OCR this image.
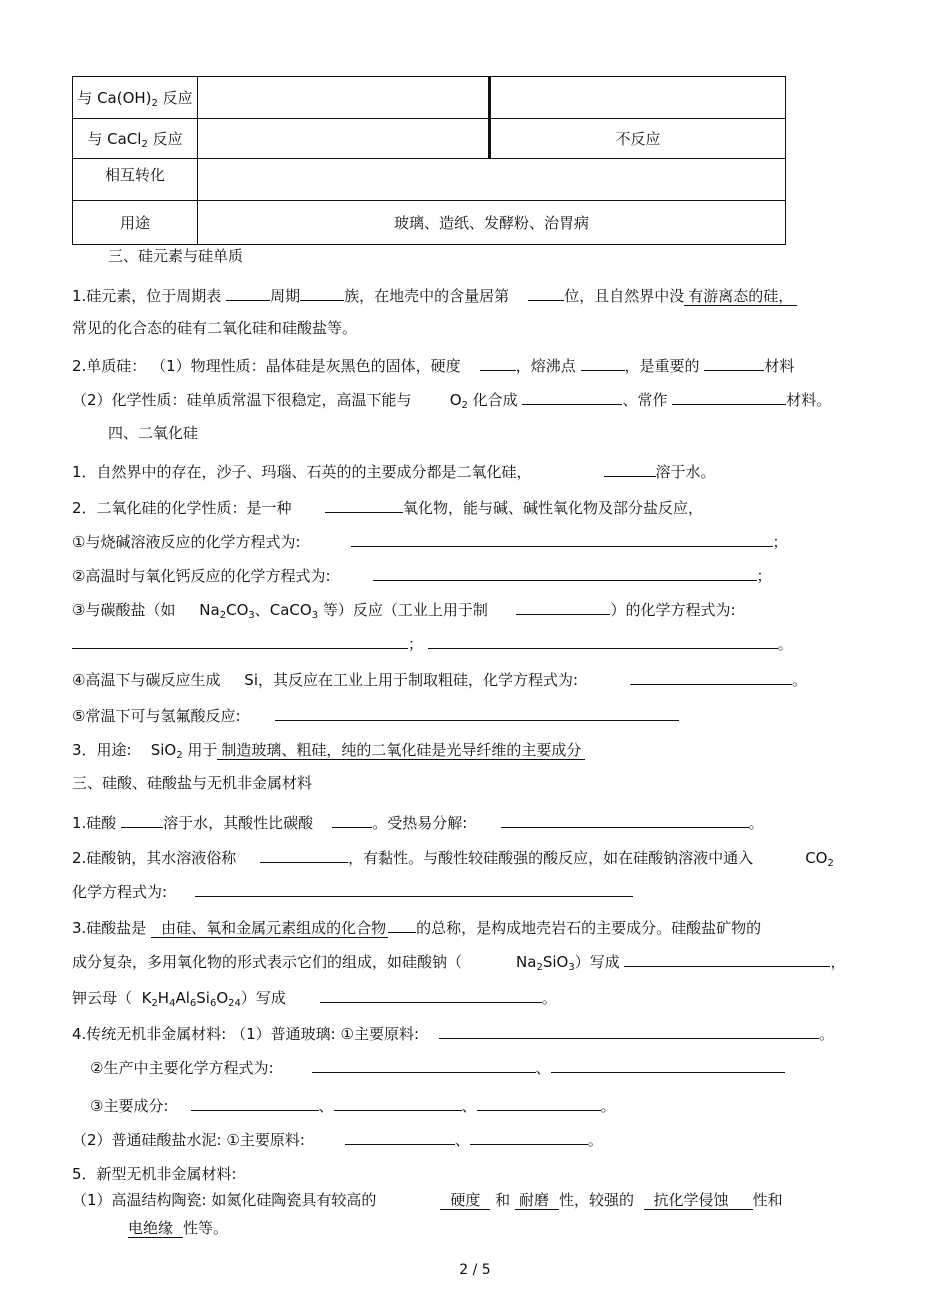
与 $Ca(OH)_2$ 反应		
与 CaCl$_2$ 反应		不反应
相互转化		
用途	玻璃、造纸、发酵粉、治胃病	
三、硅元素与硅单质
1.硅元素，位于周期表	周期	族，在地壳中的含量居第	位，且自然界中没 有游离态的硅，
常见的化合态的硅有二氧化硅和硅酸盐等。
2.单质硅： （1）物理性质：晶体硅是灰黑色的固体，硬度	，熔沸点	，是重要的	材料
（2）化学性质：硅单质常温下很稳定，高温下能与	$O_2$ 化合成	、常作	材料。
四、二氧化硅
1．自然界中的存在，沙子、玛瑙、石英的的主要成分都是二氧化硅，	溶于水。
2．二氧化硅的化学性质：是一种	氧化物，能与碱、碱性氧化物及部分盐反应，
①与烧碱溶液反应的化学方程式为:	；
②高温时与氧化钙反应的化学方程式为:	；
③与碳酸盐（如 $Na_2CO_3$、CaCO$_3$ 等）反应（工业上用于制	）的化学方程式为:
；	。
④高温下与碳反应生成 Si，其反应在工业上用于制取粗硅，化学方程式为:	。
⑤常温下可与氢氟酸反应:
3．用途: SiO$_2$ 用于 制造玻璃、粗硅，纯的二氧化硅是光导纤维的主要成分
三、硅酸、硅酸盐与无机非金属材料
1.硅酸	溶于水，其酸性比碳酸	。受热易分解:	。
2.硅酸钠，其水溶液俗称	，有黏性。与酸性较硅酸强的酸反应，如在硅酸钠溶液中通入	$CO_2$
化学方程式为:
3.硅酸盐是 由硅、氧和金属元素组成的化合物 的总称，是构成地壳岩石的主要成分。硅酸盐矿物的
成分复杂，多用氧化物的形式表示它们的组成，如硅酸钠（	$Na_2SiO_3$）写成	，
钾云母（ $K_2H_4Al_6Si_6O_{24}$）写成	。
4.传统无机非金属材料: （1）普通玻璃: ①主要原料:	。
②生产中主要化学方程式为:	、
③主要成分:	、	、	。
（2）普通硅酸盐水泥: ①主要原料:	、	。
5．新型无机非金属材料:
（1）高温结构陶瓷: 如氮化硅陶瓷具有较高的	硬度 和 耐磨 性，较强的 抗化学侵蚀 性和
电绝缘 性等。
2 / 5
